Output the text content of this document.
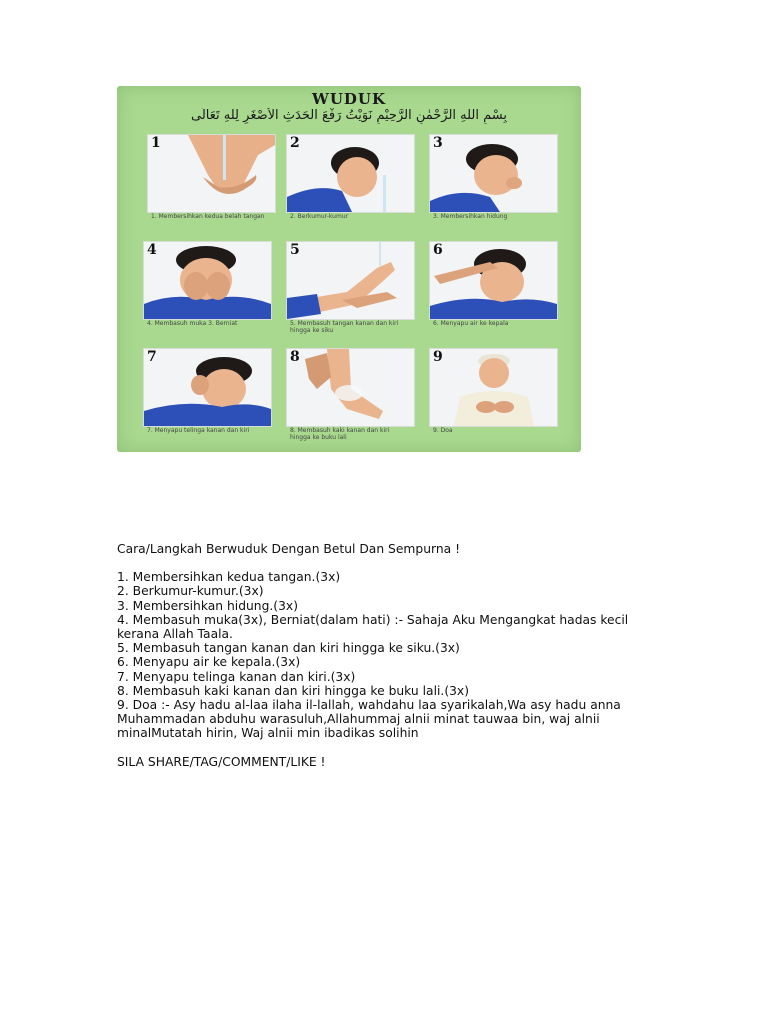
WUDUK
بِسْمِ اللهِ الرَّحْمٰنِ الرَّحِيْمِ نَوَيْتُ رَفْعَ الْحَدَثِ الْأَصْغَرِ لِلّٰهِ تَعَالَى
1
1. Membersihkan kedua belah tangan
2
2. Berkumur-kumur
3
3. Membersihkan hidung
4
4. Membasuh muka 3. Berniat
5
5. Membasuh tangan kanan dan kiri hingga ke siku
6
6. Menyapu air ke kepala
7
7. Menyapu telinga kanan dan kiri
8
8. Membasuh kaki kanan dan kiri hingga ke buku lali
9
9. Doa
Cara/Langkah Berwuduk Dengan Betul Dan Sempurna !
1. Membersihkan kedua tangan.(3x)
2. Berkumur-kumur.(3x)
3. Membersihkan hidung.(3x)
4. Membasuh muka(3x), Berniat(dalam hati) :- Sahaja Aku Mengangkat hadas kecil kerana Allah Taala.
5. Membasuh tangan kanan dan kiri hingga ke siku.(3x)
6. Menyapu air ke kepala.(3x)
7. Menyapu telinga kanan dan kiri.(3x)
8. Membasuh kaki kanan dan kiri hingga ke buku lali.(3x)
9. Doa :- Asy hadu al-laa ilaha il-lallah, wahdahu laa syarikalah,Wa asy hadu anna Muhammadan abduhu warasuluh,Allahummaj alnii minat tauwaa bin, waj alnii minalMutatah hirin, Waj alnii min ibadikas solihin
SILA SHARE/TAG/COMMENT/LIKE !
